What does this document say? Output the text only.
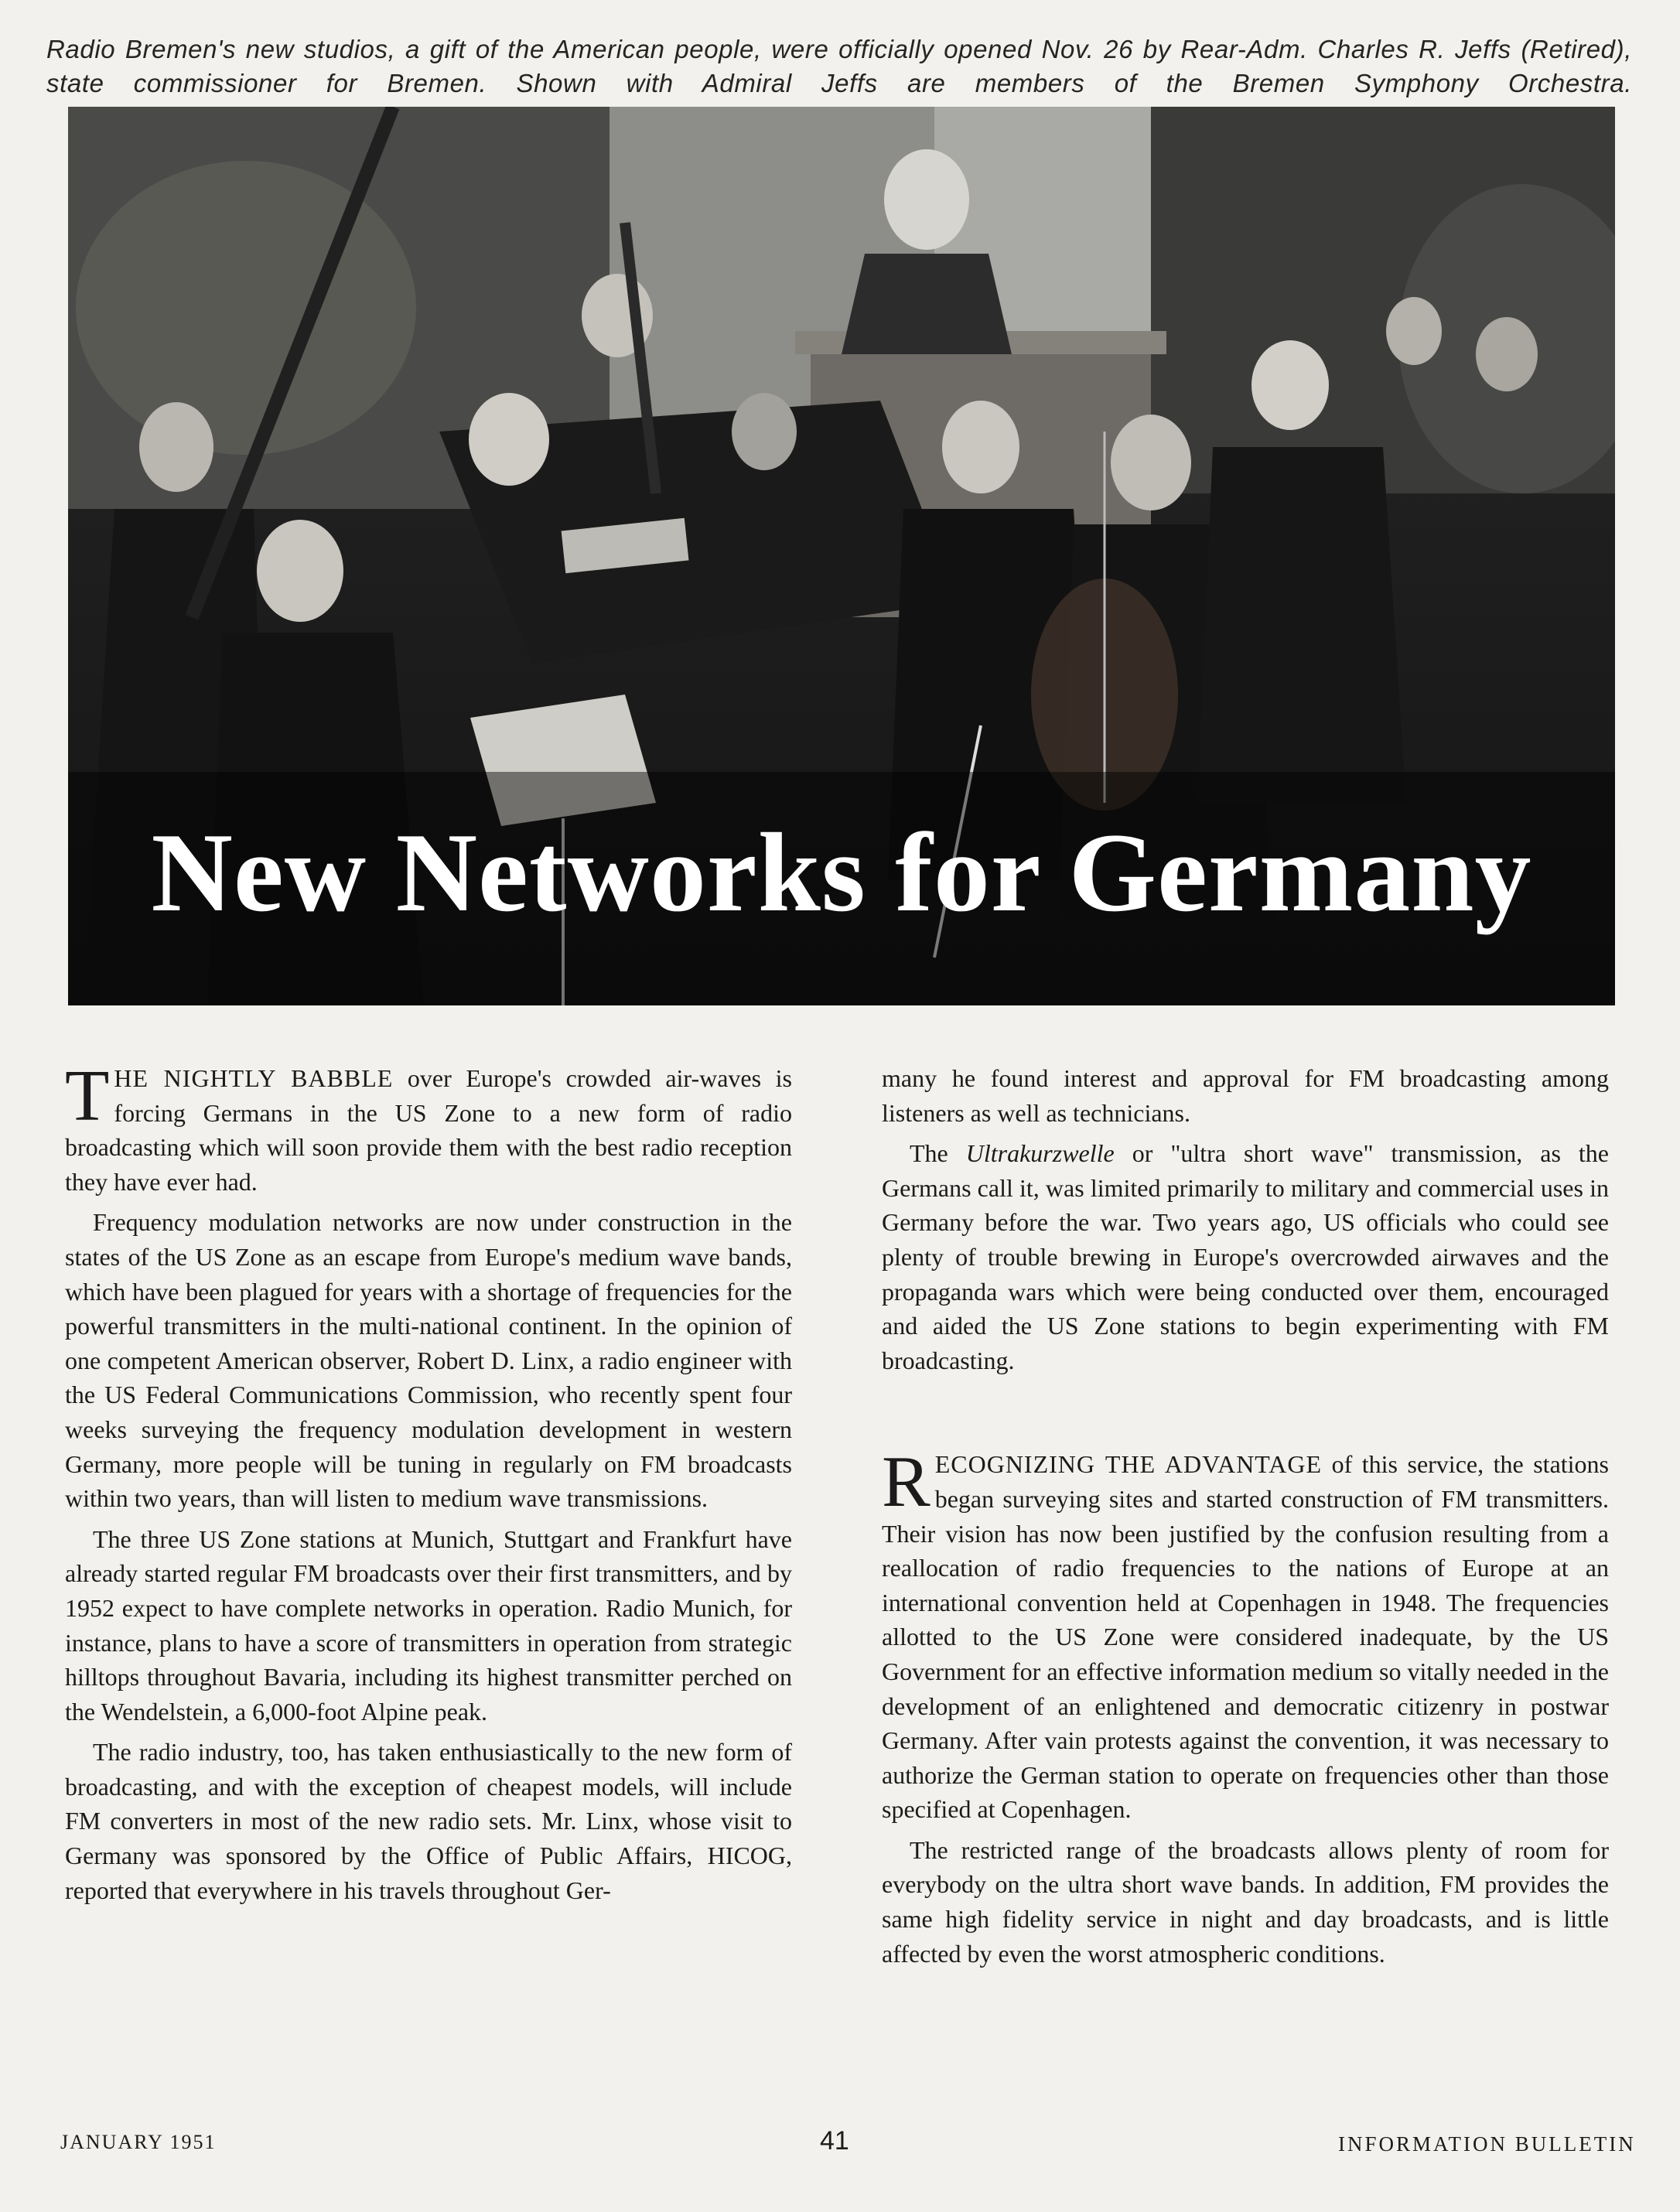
Radio Bremen's new studios, a gift of the American people, were officially opened Nov. 26 by Rear-Adm. Charles R. Jeffs (Retired), state commissioner for Bremen. Shown with Admiral Jeffs are members of the Bremen Symphony Orchestra.
New Networks for Germany

THE NIGHTLY BABBLE over Europe's crowded air-waves is forcing Germans in the US Zone to a new form of radio broadcasting which will soon provide them with the best radio reception they have ever had.

Frequency modulation networks are now under construction in the states of the US Zone as an escape from Europe's medium wave bands, which have been plagued for years with a shortage of frequencies for the powerful transmitters in the multi-national continent. In the opinion of one competent American observer, Robert D. Linx, a radio engineer with the US Federal Communications Commission, who recently spent four weeks surveying the frequency modulation development in western Germany, more people will be tuning in regularly on FM broadcasts within two years, than will listen to medium wave transmissions.

The three US Zone stations at Munich, Stuttgart and Frankfurt have already started regular FM broadcasts over their first transmitters, and by 1952 expect to have complete networks in operation. Radio Munich, for instance, plans to have a score of transmitters in operation from strategic hilltops throughout Bavaria, including its highest transmitter perched on the Wendelstein, a 6,000-foot Alpine peak.

The radio industry, too, has taken enthusiastically to the new form of broadcasting, and with the exception of cheapest models, will include FM converters in most of the new radio sets. Mr. Linx, whose visit to Germany was sponsored by the Office of Public Affairs, HICOG, reported that everywhere in his travels throughout Ger-

many he found interest and approval for FM broadcasting among listeners as well as technicians.

The Ultrakurzwelle or "ultra short wave" transmission, as the Germans call it, was limited primarily to military and commercial uses in Germany before the war. Two years ago, US officials who could see plenty of trouble brewing in Europe's overcrowded airwaves and the propaganda wars which were being conducted over them, encouraged and aided the US Zone stations to begin experimenting with FM broadcasting.

RECOGNIZING THE ADVANTAGE of this service, the stations began surveying sites and started construction of FM transmitters. Their vision has now been justified by the confusion resulting from a reallocation of radio frequencies to the nations of Europe at an international convention held at Copenhagen in 1948. The frequencies allotted to the US Zone were considered inadequate, by the US Government for an effective information medium so vitally needed in the development of an enlightened and democratic citizenry in postwar Germany. After vain protests against the convention, it was necessary to authorize the German station to operate on frequencies other than those specified at Copenhagen.

The restricted range of the broadcasts allows plenty of room for everybody on the ultra short wave bands. In addition, FM provides the same high fidelity service in night and day broadcasts, and is little affected by even the worst atmospheric conditions.

JANUARY 1951	41	INFORMATION BULLETIN
